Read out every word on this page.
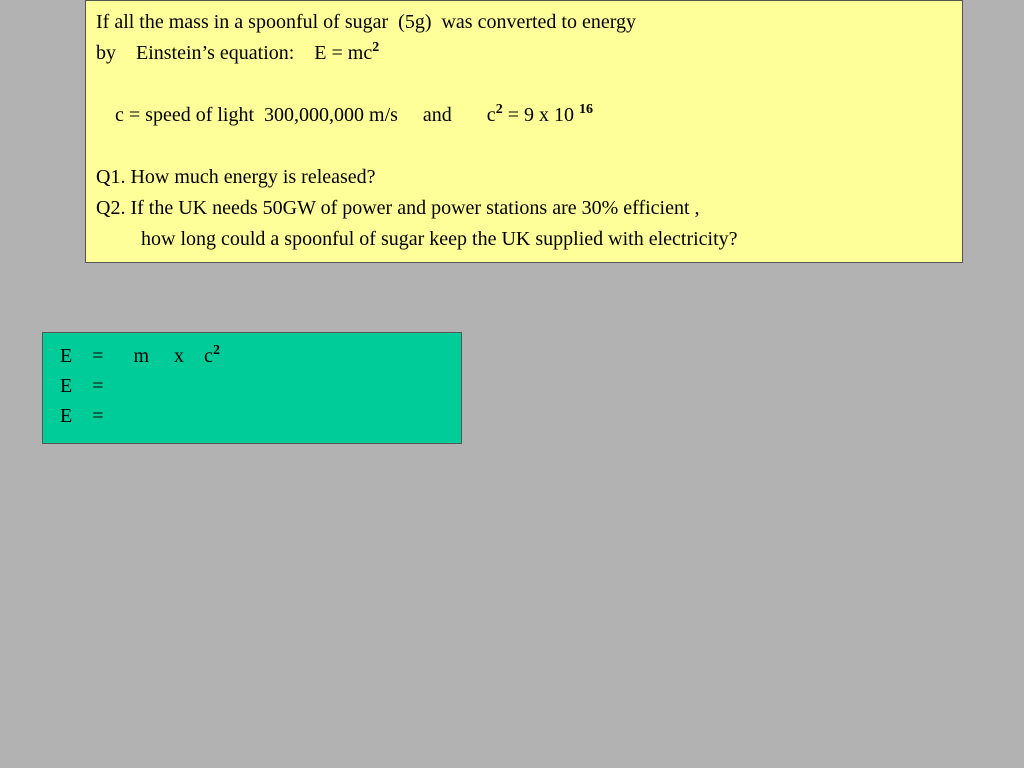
If all the mass in a spoonful of sugar  (5g)  was converted to energy
by    Einstein’s equation:    $E = mc^2$
c = speed of light  300,000,000 m/s     and       $c^2 = 9$ x 10 $^{16}$
Q1. How much energy is released?
Q2. If the UK needs 50GW of power and power stations are 30% efficient ,
how long could a spoonful of sugar keep the UK supplied with electricity?
E    =      m     x    $c^2$
E    =
E    =
